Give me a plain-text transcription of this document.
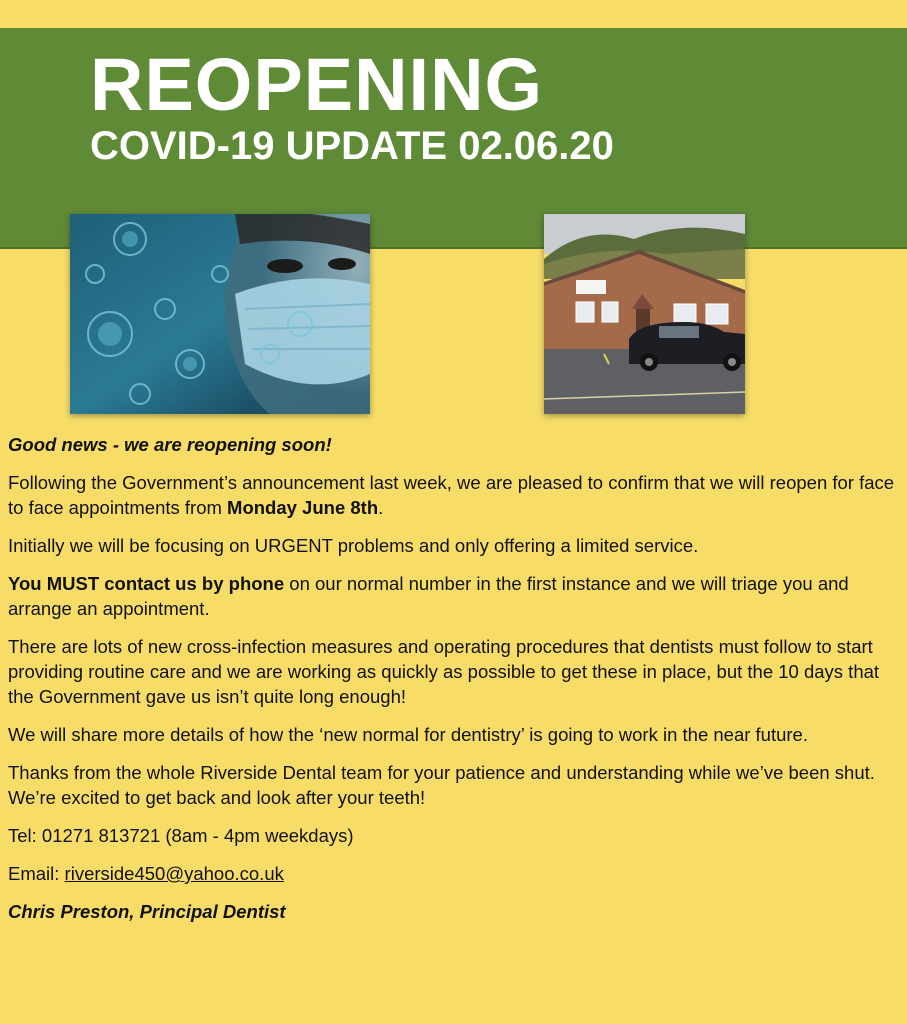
REOPENING
COVID-19 UPDATE 02.06.20

Good news - we are reopening soon!

Following the Government’s announcement last week, we are pleased to confirm that we will reopen for face to face appointments from Monday June 8th.

Initially we will be focusing on URGENT problems and only offering a limited service.

You MUST contact us by phone on our normal number in the first instance and we will triage you and arrange an appointment.

There are lots of new cross-infection measures and operating procedures that dentists must follow to start providing routine care and we are working as quickly as possible to get these in place, but the 10 days that the Government gave us isn’t quite long enough!

We will share more details of how the ‘new normal for dentistry’ is going to work in the near future.

Thanks from the whole Riverside Dental team for your patience and understanding while we’ve been shut. We’re excited to get back and look after your teeth!

Tel: 01271 813721 (8am - 4pm weekdays)

Email: riverside450@yahoo.co.uk

Chris Preston, Principal Dentist
